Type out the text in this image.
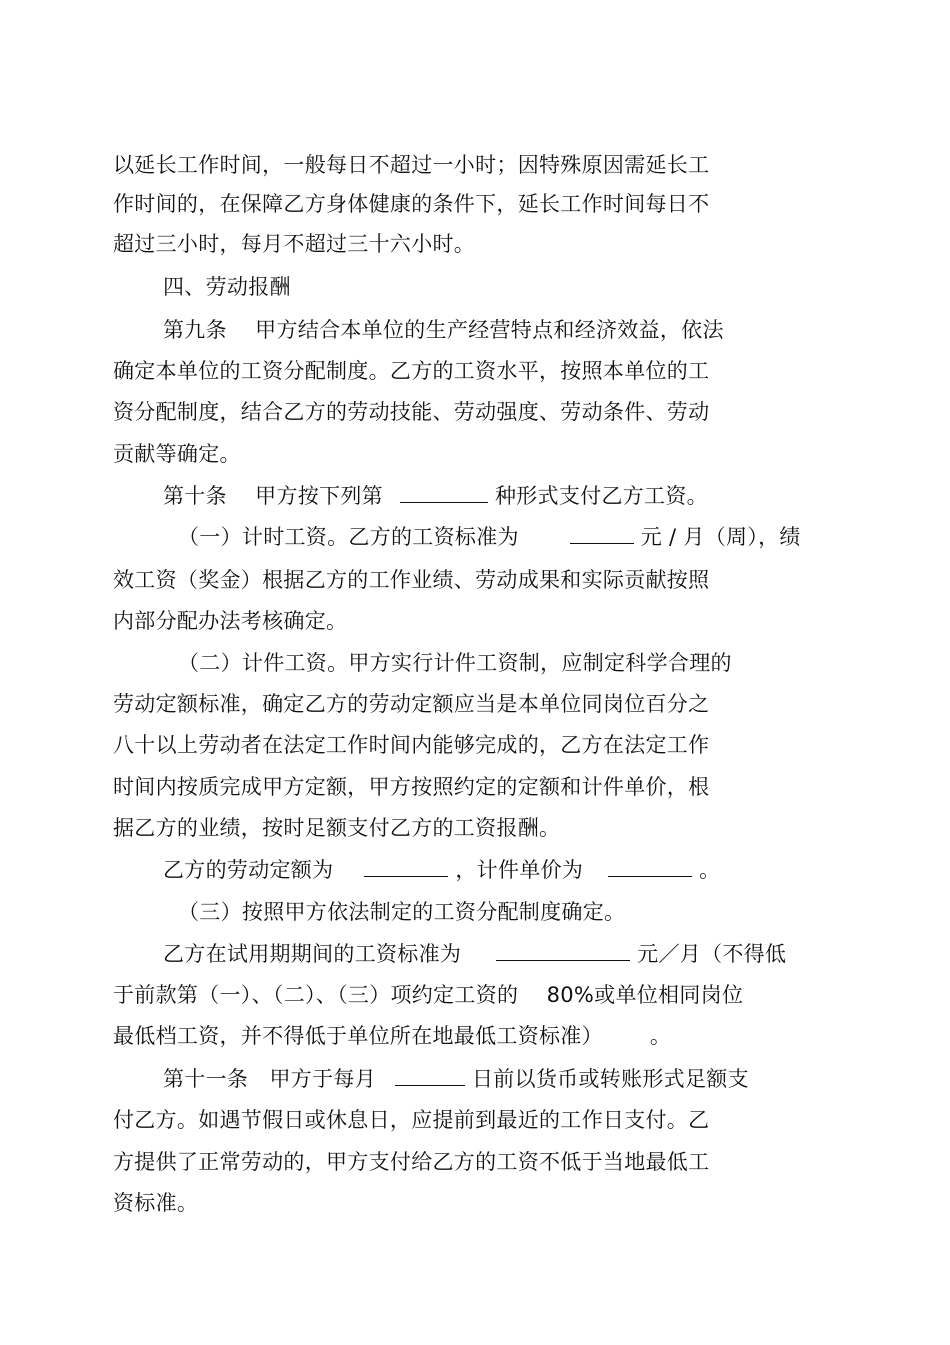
以延长工作时间，一般每日不超过一小时；因特殊原因需延长工
作时间的，在保障乙方身体健康的条件下，延长工作时间每日不
超过三小时，每月不超过三十六小时。
四、劳动报酬
第九条　 甲方结合本单位的生产经营特点和经济效益，依法
确定本单位的工资分配制度。乙方的工资水平，按照本单位的工
资分配制度，结合乙方的劳动技能、劳动强度、劳动条件、劳动
贡献等确定。
第十条　 甲方按下列第	种形式支付乙方工资。
（一）计时工资。乙方的工资标准为	元 / 月（周），绩
效工资（奖金）根据乙方的工作业绩、劳动成果和实际贡献按照
内部分配办法考核确定。
（二）计件工资。甲方实行计件工资制，应制定科学合理的
劳动定额标准，确定乙方的劳动定额应当是本单位同岗位百分之
八十以上劳动者在法定工作时间内能够完成的，乙方在法定工作
时间内按质完成甲方定额，甲方按照约定的定额和计件单价，根
据乙方的业绩，按时足额支付乙方的工资报酬。
乙方的劳动定额为	，计件单价为	。
（三）按照甲方依法制定的工资分配制度确定。
乙方在试用期期间的工资标准为	元／月（不得低
于前款第（一）、（二）、（三）项约定工资的　 80%或单位相同岗位
最低档工资，并不得低于单位所在地最低工资标准） 。
第十一条　甲方于每月	日前以货币或转账形式足额支
付乙方。如遇节假日或休息日，应提前到最近的工作日支付。乙
方提供了正常劳动的，甲方支付给乙方的工资不低于当地最低工
资标准。
